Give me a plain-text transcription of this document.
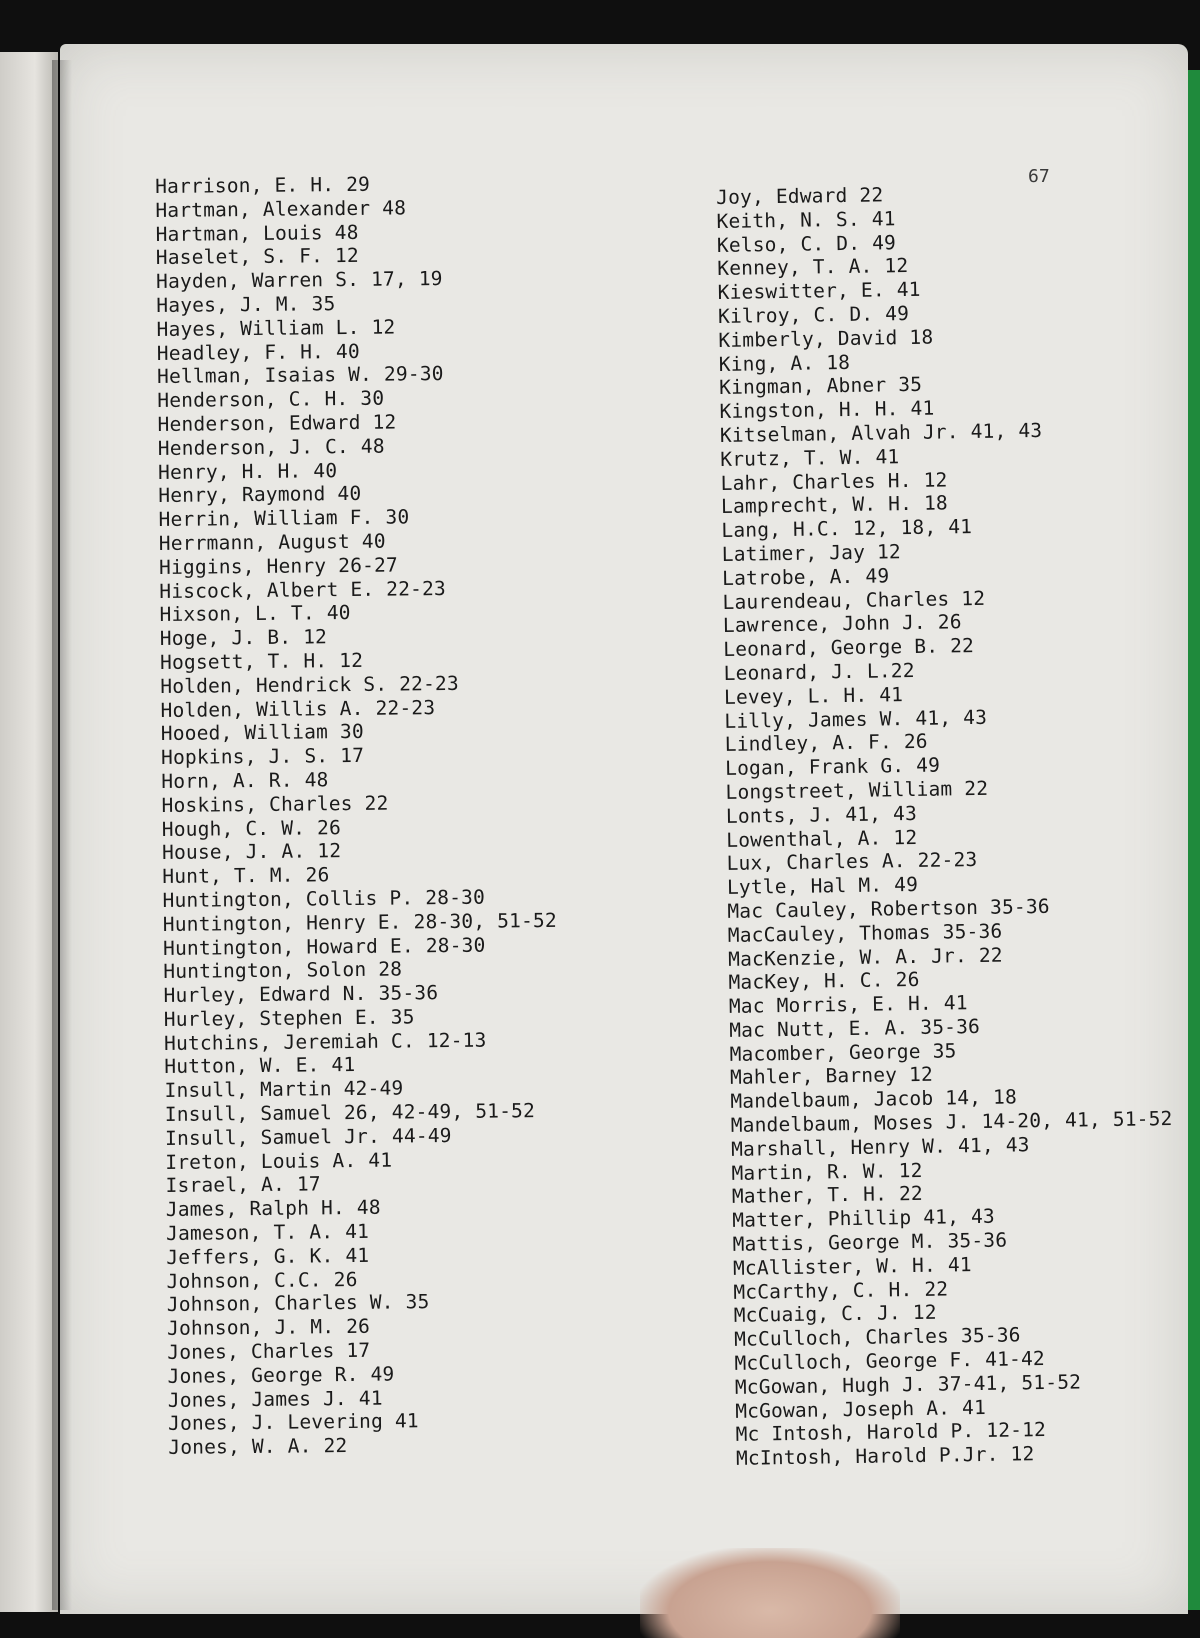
67
Harrison, E. H. 29
Hartman, Alexander 48
Hartman, Louis 48
Haselet, S. F. 12
Hayden, Warren S. 17, 19
Hayes, J. M. 35
Hayes, William L. 12
Headley, F. H. 40
Hellman, Isaias W. 29-30
Henderson, C. H. 30
Henderson, Edward 12
Henderson, J. C. 48
Henry, H. H. 40
Henry, Raymond 40
Herrin, William F. 30
Herrmann, August 40
Higgins, Henry 26-27
Hiscock, Albert E. 22-23
Hixson, L. T. 40
Hoge, J. B. 12
Hogsett, T. H. 12
Holden, Hendrick S. 22-23
Holden, Willis A. 22-23
Hooed, William 30
Hopkins, J. S. 17
Horn, A. R. 48
Hoskins, Charles 22
Hough, C. W. 26
House, J. A. 12
Hunt, T. M. 26
Huntington, Collis P. 28-30
Huntington, Henry E. 28-30, 51-52
Huntington, Howard E. 28-30
Huntington, Solon 28
Hurley, Edward N. 35-36
Hurley, Stephen E. 35
Hutchins, Jeremiah C. 12-13
Hutton, W. E. 41
Insull, Martin 42-49
Insull, Samuel 26, 42-49, 51-52
Insull, Samuel Jr. 44-49
Ireton, Louis A. 41
Israel, A. 17
James, Ralph H. 48
Jameson, T. A. 41
Jeffers, G. K. 41
Johnson, C.C. 26
Johnson, Charles W. 35
Johnson, J. M. 26
Jones, Charles 17
Jones, George R. 49
Jones, James J. 41
Jones, J. Levering 41
Jones, W. A. 22
Joy, Edward 22
Keith, N. S. 41
Kelso, C. D. 49
Kenney, T. A. 12
Kieswitter, E. 41
Kilroy, C. D. 49
Kimberly, David 18
King, A. 18
Kingman, Abner 35
Kingston, H. H. 41
Kitselman, Alvah Jr. 41, 43
Krutz, T. W. 41
Lahr, Charles H. 12
Lamprecht, W. H. 18
Lang, H.C. 12, 18, 41
Latimer, Jay 12
Latrobe, A. 49
Laurendeau, Charles 12
Lawrence, John J. 26
Leonard, George B. 22
Leonard, J. L.22
Levey, L. H. 41
Lilly, James W. 41, 43
Lindley, A. F. 26
Logan, Frank G. 49
Longstreet, William 22
Lonts, J. 41, 43
Lowenthal, A. 12
Lux, Charles A. 22-23
Lytle, Hal M. 49
Mac Cauley, Robertson 35-36
MacCauley, Thomas 35-36
MacKenzie, W. A. Jr. 22
MacKey, H. C. 26
Mac Morris, E. H. 41
Mac Nutt, E. A. 35-36
Macomber, George 35
Mahler, Barney 12
Mandelbaum, Jacob 14, 18
Mandelbaum, Moses J. 14-20, 41, 51-52
Marshall, Henry W. 41, 43
Martin, R. W. 12
Mather, T. H. 22
Matter, Phillip 41, 43
Mattis, George M. 35-36
McAllister, W. H. 41
McCarthy, C. H. 22
McCuaig, C. J. 12
McCulloch, Charles 35-36
McCulloch, George F. 41-42
McGowan, Hugh J. 37-41, 51-52
McGowan, Joseph A. 41
Mc Intosh, Harold P. 12-12
McIntosh, Harold P.Jr. 12
